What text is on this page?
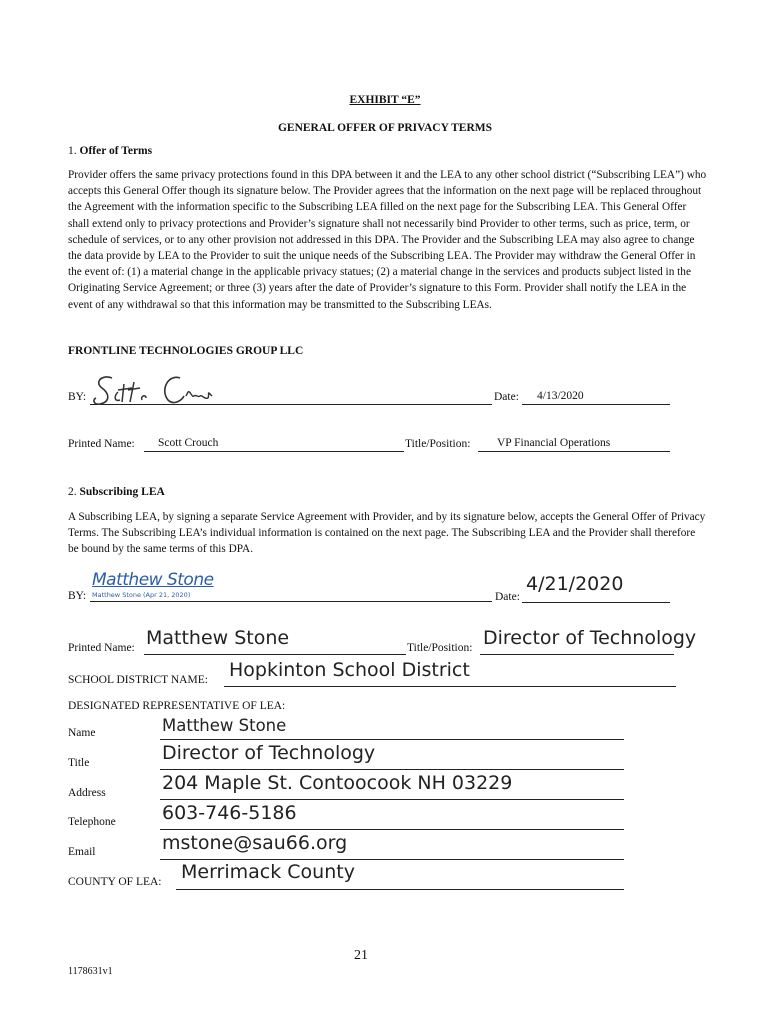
EXHIBIT “E”
GENERAL OFFER OF PRIVACY TERMS
1. Offer of Terms
Provider offers the same privacy protections found in this DPA between it and the LEA to any other school district (“Subscribing LEA”) who accepts this General Offer though its signature below. The Provider agrees that the information on the next page will be replaced throughout the Agreement with the information specific to the Subscribing LEA filled on the next page for the Subscribing LEA. This General Offer shall extend only to privacy protections and Provider’s signature shall not necessarily bind Provider to other terms, such as price, term, or schedule of services, or to any other provision not addressed in this DPA. The Provider and the Subscribing LEA may also agree to change the data provide by LEA to the Provider to suit the unique needs of the Subscribing LEA. The Provider may withdraw the General Offer in the event of: (1) a material change in the applicable privacy statues; (2) a material change in the services and products subject listed in the Originating Service Agreement; or three (3) years after the date of Provider’s signature to this Form. Provider shall notify the LEA in the event of any withdrawal so that this information may be transmitted to the Subscribing LEAs.
FRONTLINE TECHNOLOGIES GROUP LLC
BY:	Date: 4/13/2020
Printed Name: Scott Crouch	Title/Position: VP Financial Operations
2. Subscribing LEA
A Subscribing LEA, by signing a separate Service Agreement with Provider, and by its signature below, accepts the General Offer of Privacy Terms. The Subscribing LEA’s individual information is contained on the next page. The Subscribing LEA and the Provider shall therefore be bound by the same terms of this DPA.
Matthew Stone
Matthew Stone (Apr 21, 2020)
BY:	Date:
4/21/2020
Printed Name: Matthew Stone	Title/Position: Director of Technology
SCHOOL DISTRICT NAME: Hopkinton School District
DESIGNATED REPRESENTATIVE OF LEA:
Name	Matthew Stone
Title	Director of Technology
Address	204 Maple St. Contoocook NH 03229
Telephone 603-746-5186
Email	mstone@sau66.org
COUNTY OF LEA: Merrimack County
21
1178631v1
